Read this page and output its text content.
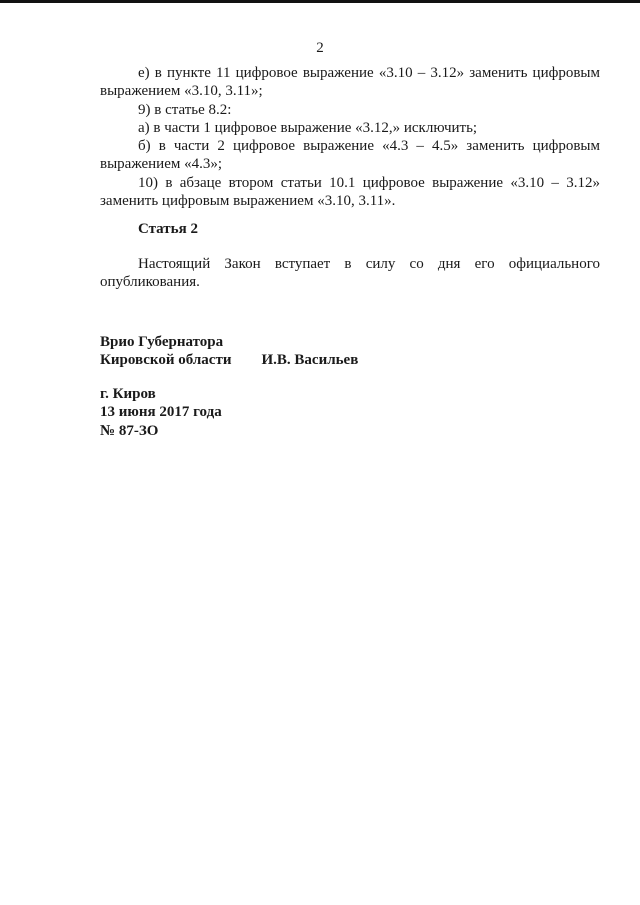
2

е) в пункте 11 цифровое выражение «3.10 – 3.12» заменить цифровым выражением «3.10, 3.11»;

9) в статье 8.2:

а) в части 1 цифровое выражение «3.12,» исключить;

б) в части 2 цифровое выражение «4.3 – 4.5» заменить цифровым выражением «4.3»;

10) в абзаце втором статьи 10.1 цифровое выражение «3.10 – 3.12» заменить цифровым выражением «3.10, 3.11».

Статья 2

Настоящий Закон вступает в силу со дня его официального опубликования.

Врио Губернатора
Кировской области И.В. Васильев
г. Киров
13 июня 2017 года
№ 87-ЗО
